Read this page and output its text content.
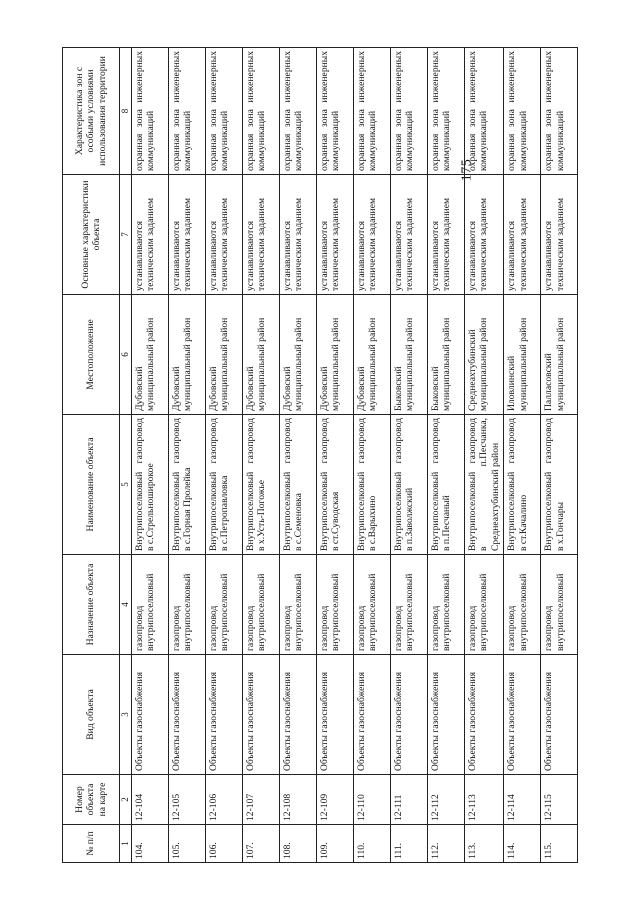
175
№ п/п	Номер объекта на карте	Вид объекта	Назначение объекта	Наименование объекта	Местоположение	Основные характеристики объекта	Характеристика зон с особыми условиями использования территории
1	2	3	4	5	6	7	8
104.	12-104	Объекты газоснабжения	газопровод внутрипоселковый	Внутрипоселковый газопровод в с.Стрельноширокое	Дубовский муниципальный район	устанавливаются техническим заданием	охранная зона инженерных коммуникаций
105.	12-105	Объекты газоснабжения	газопровод внутрипоселковый	Внутрипоселковый газопровод в с.Горная Пролейка	Дубовский муниципальный район	устанавливаются техническим заданием	охранная зона инженерных коммуникаций
106.	12-106	Объекты газоснабжения	газопровод внутрипоселковый	Внутрипоселковый газопровод в с.Петропавловка	Дубовский муниципальный район	устанавливаются техническим заданием	охранная зона инженерных коммуникаций
107.	12-107	Объекты газоснабжения	газопровод внутрипоселковый	Внутрипоселковый газопровод в х.Усть-Погожье	Дубовский муниципальный район	устанавливаются техническим заданием	охранная зона инженерных коммуникаций
108.	12-108	Объекты газоснабжения	газопровод внутрипоселковый	Внутрипоселковый газопровод в с.Семеновка	Дубовский муниципальный район	устанавливаются техническим заданием	охранная зона инженерных коммуникаций
109.	12-109	Объекты газоснабжения	газопровод внутрипоселковый	Внутрипоселковый газопровод в ст.Суводская	Дубовский муниципальный район	устанавливаются техническим заданием	охранная зона инженерных коммуникаций
110.	12-110	Объекты газоснабжения	газопровод внутрипоселковый	Внутрипоселковый газопровод в с.Варыхино	Дубовский муниципальный район	устанавливаются техническим заданием	охранная зона инженерных коммуникаций
111.	12-111	Объекты газоснабжения	газопровод внутрипоселковый	Внутрипоселковый газопровод в п.Заволжский	Быковский муниципальный район	устанавливаются техническим заданием	охранная зона инженерных коммуникаций
112.	12-112	Объекты газоснабжения	газопровод внутрипоселковый	Внутрипоселковый газопровод в п.Песчаный	Быковский муниципальный район	устанавливаются техническим заданием	охранная зона инженерных коммуникаций
113.	12-113	Объекты газоснабжения	газопровод внутрипоселковый	Внутрипоселковый газопровод в п.Песчанка, Среднеахтубинский район	Среднеахтубинский муниципальный район	устанавливаются техническим заданием	охранная зона инженерных коммуникаций
114.	12-114	Объекты газоснабжения	газопровод внутрипоселковый	Внутрипоселковый газопровод в ст.Качалино	Иловлинский муниципальный район	устанавливаются техническим заданием	охранная зона инженерных коммуникаций
115.	12-115	Объекты газоснабжения	газопровод внутрипоселковый	Внутрипоселковый газопровод в х.Гончары	Палласовский муниципальный район	устанавливаются техническим заданием	охранная зона инженерных коммуникаций
